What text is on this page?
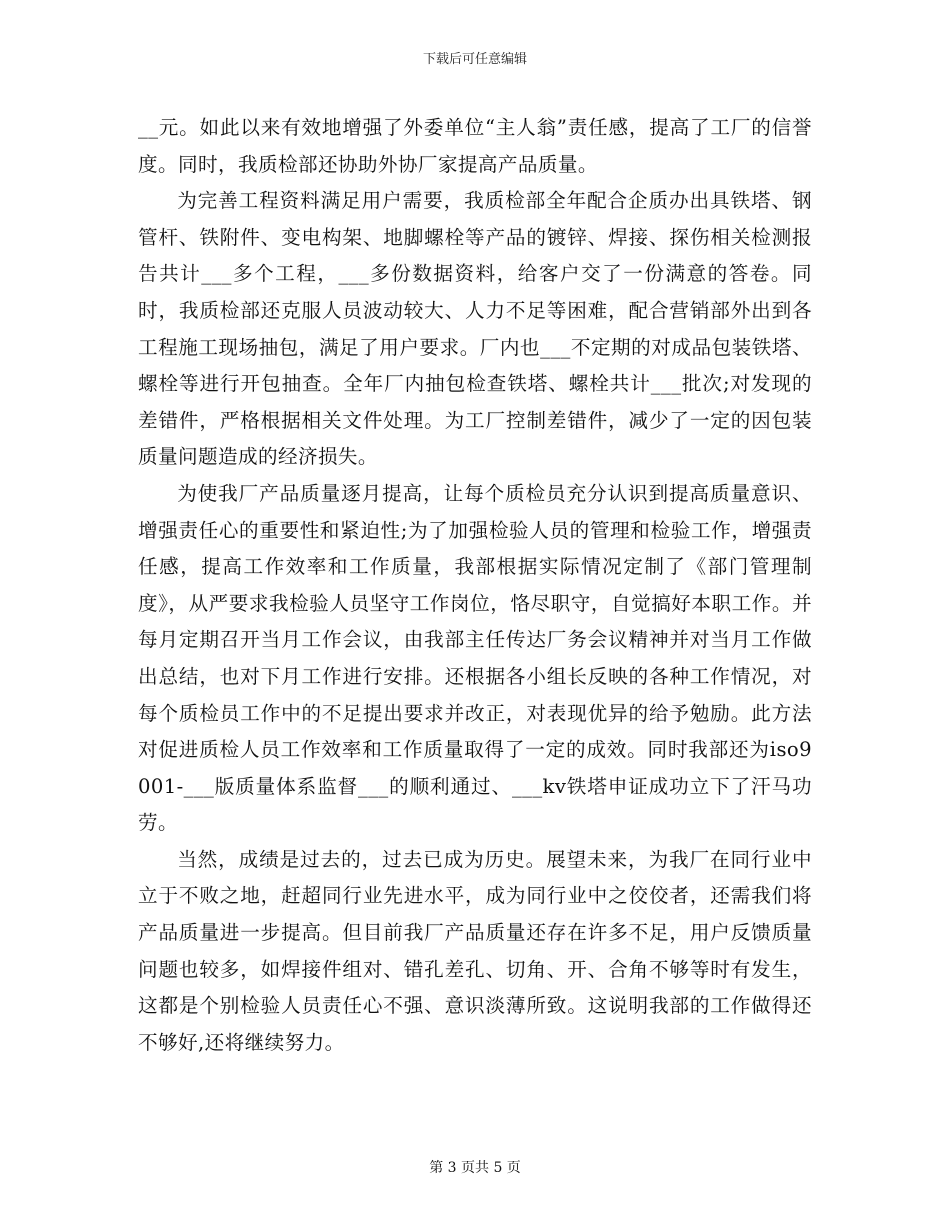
下载后可任意编辑

__元。如此以来有效地增强了外委单位“主人翁”责任感，提高了工厂的信誉度。同时，我质检部还协助外协厂家提高产品质量。

为完善工程资料满足用户需要，我质检部全年配合企质办出具铁塔、钢管杆、铁附件、变电构架、地脚螺栓等产品的镀锌、焊接、探伤相关检测报告共计___多个工程，___多份数据资料，给客户交了一份满意的答卷。同时，我质检部还克服人员波动较大、人力不足等困难，配合营销部外出到各工程施工现场抽包，满足了用户要求。厂内也___不定期的对成品包装铁塔、螺栓等进行开包抽查。全年厂内抽包检查铁塔、螺栓共计___批次;对发现的差错件，严格根据相关文件处理。为工厂控制差错件，减少了一定的因包装质量问题造成的经济损失。

为使我厂产品质量逐月提高，让每个质检员充分认识到提高质量意识、增强责任心的重要性和紧迫性;为了加强检验人员的管理和检验工作，增强责任感，提高工作效率和工作质量，我部根据实际情况定制了《部门管理制度》，从严要求我检验人员坚守工作岗位，恪尽职守，自觉搞好本职工作。并每月定期召开当月工作会议，由我部主任传达厂务会议精神并对当月工作做出总结，也对下月工作进行安排。还根据各小组长反映的各种工作情况，对每个质检员工作中的不足提出要求并改正，对表现优异的给予勉励。此方法对促进质检人员工作效率和工作质量取得了一定的成效。同时我部还为iso9001-___版质量体系监督___的顺利通过、___kv铁塔申证成功立下了汗马功劳。

当然，成绩是过去的，过去已成为历史。展望未来，为我厂在同行业中立于不败之地，赶超同行业先进水平，成为同行业中之佼佼者，还需我们将产品质量进一步提高。但目前我厂产品质量还存在许多不足，用户反馈质量问题也较多，如焊接件组对、错孔差孔、切角、开、合角不够等时有发生，这都是个别检验人员责任心不强、意识淡薄所致。这说明我部的工作做得还不够好,还将继续努力。

第 3 页共 5 页
